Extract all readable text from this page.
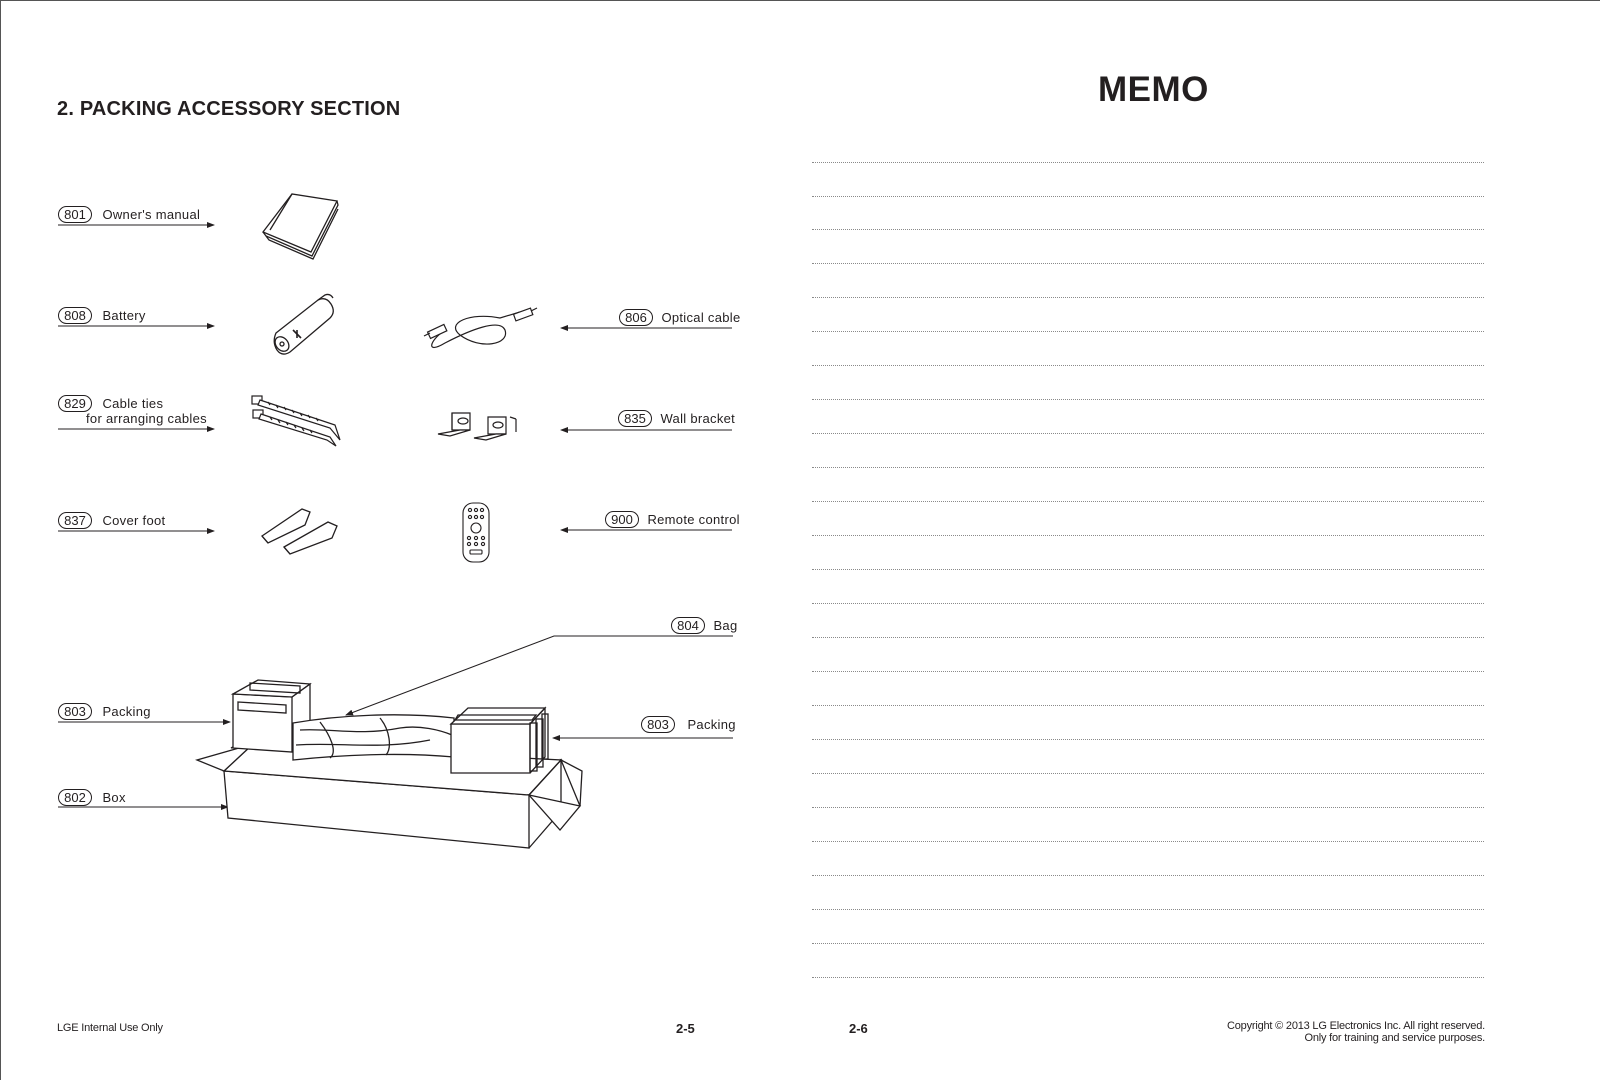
2. PACKING ACCESSORY SECTION
801 Owner's manual
808 Battery
829 Cable ties
for arranging cables
837 Cover foot
806 Optical cable
835 Wall bracket
900 Remote control
804 Bag
803 Packing
802 Box
803 Packing
LGE Internal Use Only	2-5
MEMO
2-6	Copyright © 2013 LG Electronics Inc. All right reserved.
Only for training and service purposes.
